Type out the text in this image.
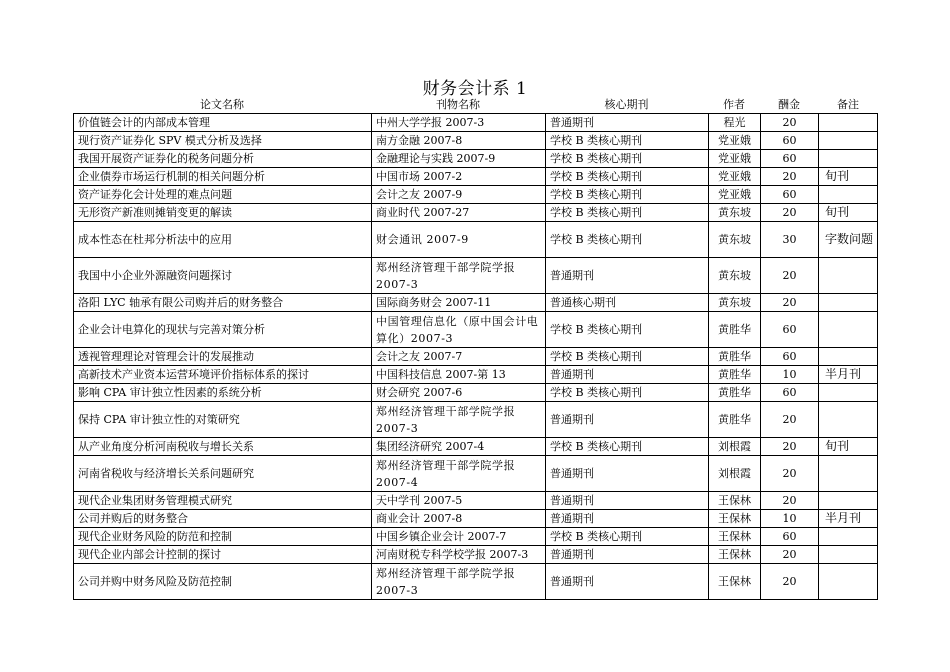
财务会计系 1
论文名称	刊物名称	核心期刊	作者	酬金	备注
价值链会计的内部成本管理	中州大学学报 2007-3	普通期刊	程光	20	
现行资产证券化 SPV 模式分析及选择	南方金融 2007-8	学校 B 类核心期刊	党亚娥	60	
我国开展资产证券化的税务问题分析	金融理论与实践 2007-9	学校 B 类核心期刊	党亚娥	60	
企业债券市场运行机制的相关问题分析	中国市场 2007-2	学校 B 类核心期刊	党亚娥	20	旬刊
资产证券化会计处理的难点问题	会计之友 2007-9	学校 B 类核心期刊	党亚娥	60	
无形资产新准则摊销变更的解读	商业时代 2007-27	学校 B 类核心期刊	黄东坡	20	旬刊
成本性态在杜邦分析法中的应用	财会通讯 2007-9	学校 B 类核心期刊	黄东坡	30	字数问题
我国中小企业外源融资问题探讨	郑州经济管理干部学院学报 2007-3	普通期刊	黄东坡	20	
洛阳 LYC 轴承有限公司购并后的财务整合	国际商务财会 2007-11	普通核心期刊	黄东坡	20	
企业会计电算化的现状与完善对策分析	中国管理信息化（原中国会计电算化）2007-3	学校 B 类核心期刊	黄胜华	60	
透视管理理论对管理会计的发展推动	会计之友 2007-7	学校 B 类核心期刊	黄胜华	60	
高新技术产业资本运营环境评价指标体系的探讨	中国科技信息 2007-第 13	普通期刊	黄胜华	10	半月刊
影响 CPA 审计独立性因素的系统分析	财会研究 2007-6	学校 B 类核心期刊	黄胜华	60	
保持 CPA 审计独立性的对策研究	郑州经济管理干部学院学报 2007-3	普通期刊	黄胜华	20	
从产业角度分析河南税收与增长关系	集团经济研究 2007-4	学校 B 类核心期刊	刘根霞	20	旬刊
河南省税收与经济增长关系问题研究	郑州经济管理干部学院学报 2007-4	普通期刊	刘根霞	20	
现代企业集团财务管理模式研究	天中学刊 2007-5	普通期刊	王保林	20	
公司并购后的财务整合	商业会计 2007-8	普通期刊	王保林	10	半月刊
现代企业财务风险的防范和控制	中国乡镇企业会计 2007-7	学校 B 类核心期刊	王保林	60	
现代企业内部会计控制的探讨	河南财税专科学校学报 2007-3	普通期刊	王保林	20	
公司并购中财务风险及防范控制	郑州经济管理干部学院学报 2007-3	普通期刊	王保林	20	
